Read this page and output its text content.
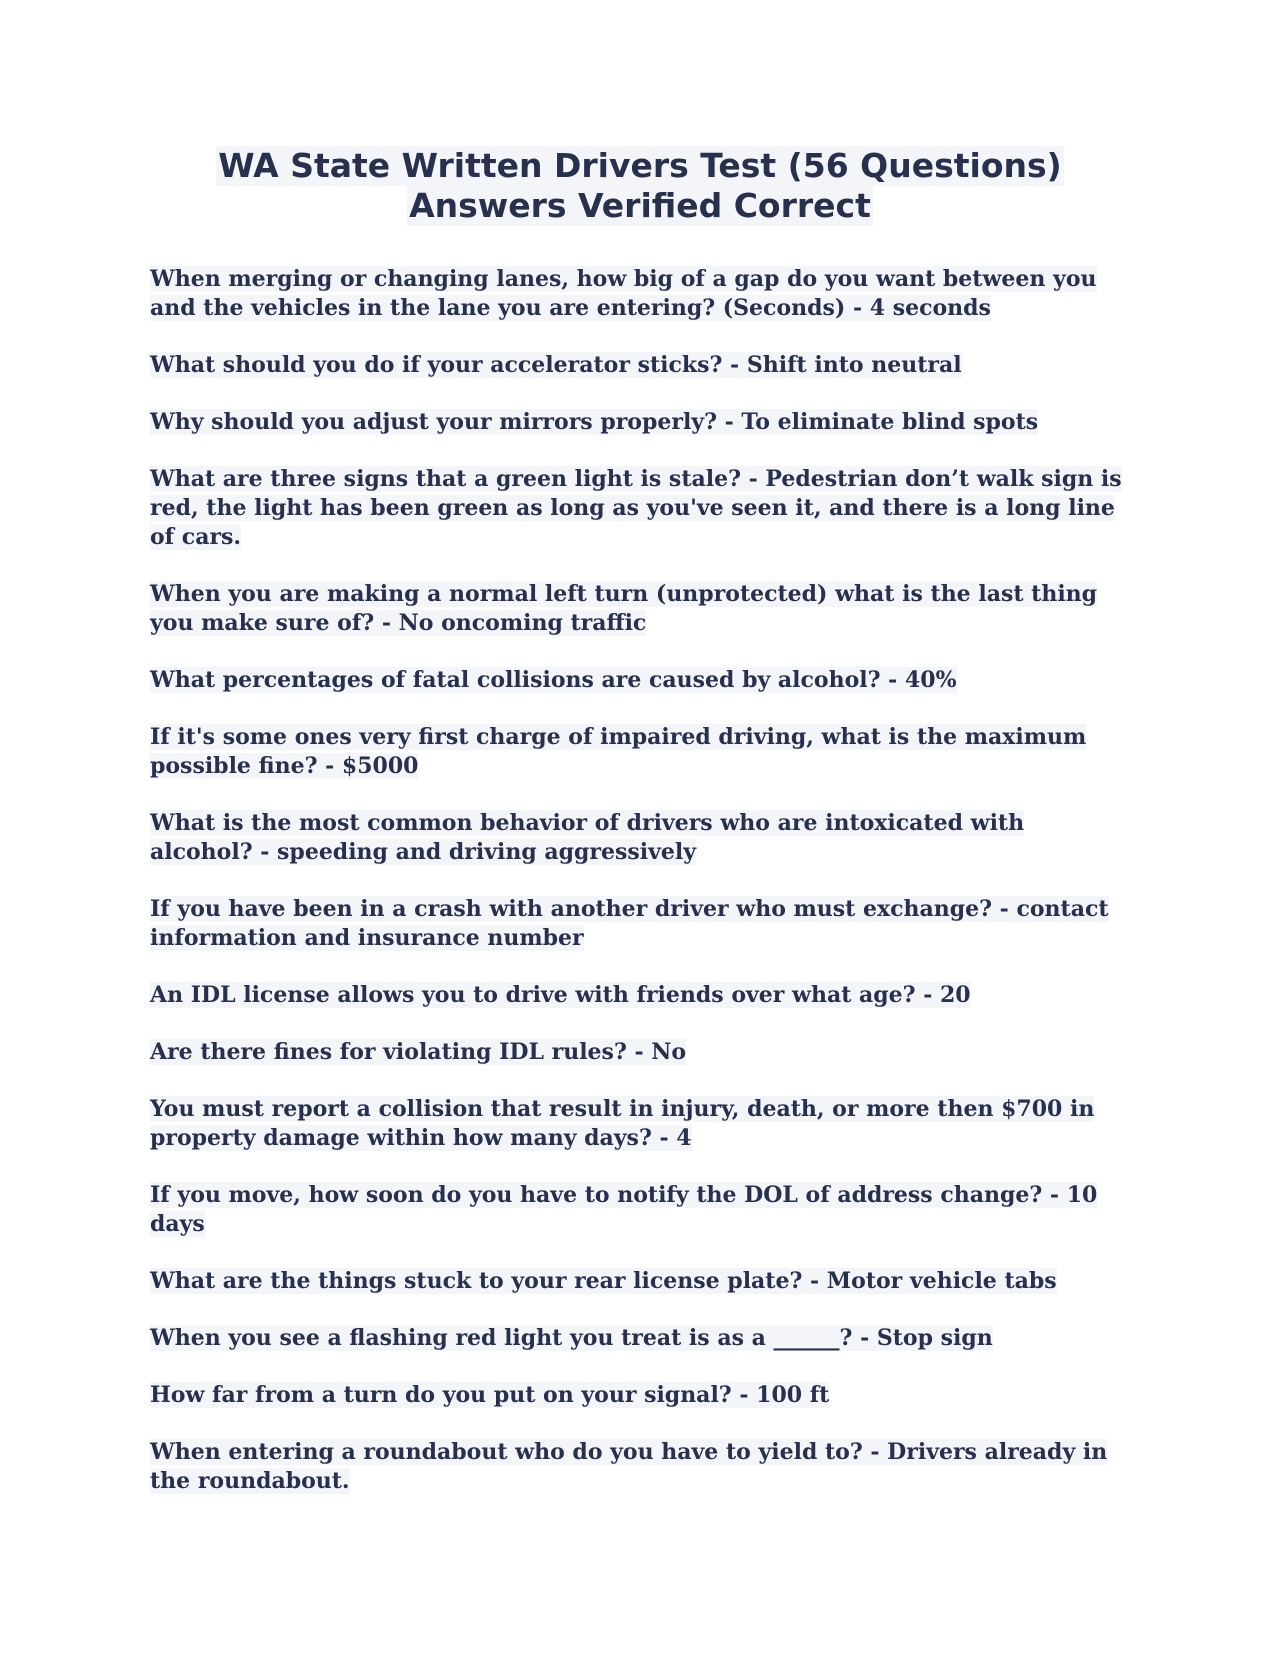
WA State Written Drivers Test (56 Questions)
Answers Verified Correct
When merging or changing lanes, how big of a gap do you want between you and the vehicles in the lane you are entering? (Seconds) - 4 seconds
What should you do if your accelerator sticks? - Shift into neutral
Why should you adjust your mirrors properly? - To eliminate blind spots
What are three signs that a green light is stale? - Pedestrian don’t walk sign is red, the light has been green as long as you've seen it, and there is a long line of cars.
When you are making a normal left turn (unprotected) what is the last thing you make sure of? - No oncoming traffic
What percentages of fatal collisions are caused by alcohol? - 40%
If it's some ones very first charge of impaired driving, what is the maximum possible fine? - $5000
What is the most common behavior of drivers who are intoxicated with alcohol? - speeding and driving aggressively
If you have been in a crash with another driver who must exchange? - contact information and insurance number
An IDL license allows you to drive with friends over what age? - 20
Are there fines for violating IDL rules? - No
You must report a collision that result in injury, death, or more then $700 in property damage within how many days? - 4
If you move, how soon do you have to notify the DOL of address change? - 10 days
What are the things stuck to your rear license plate? - Motor vehicle tabs
When you see a flashing red light you treat is as a ______? - Stop sign
How far from a turn do you put on your signal? - 100 ft
When entering a roundabout who do you have to yield to? - Drivers already in the roundabout.
